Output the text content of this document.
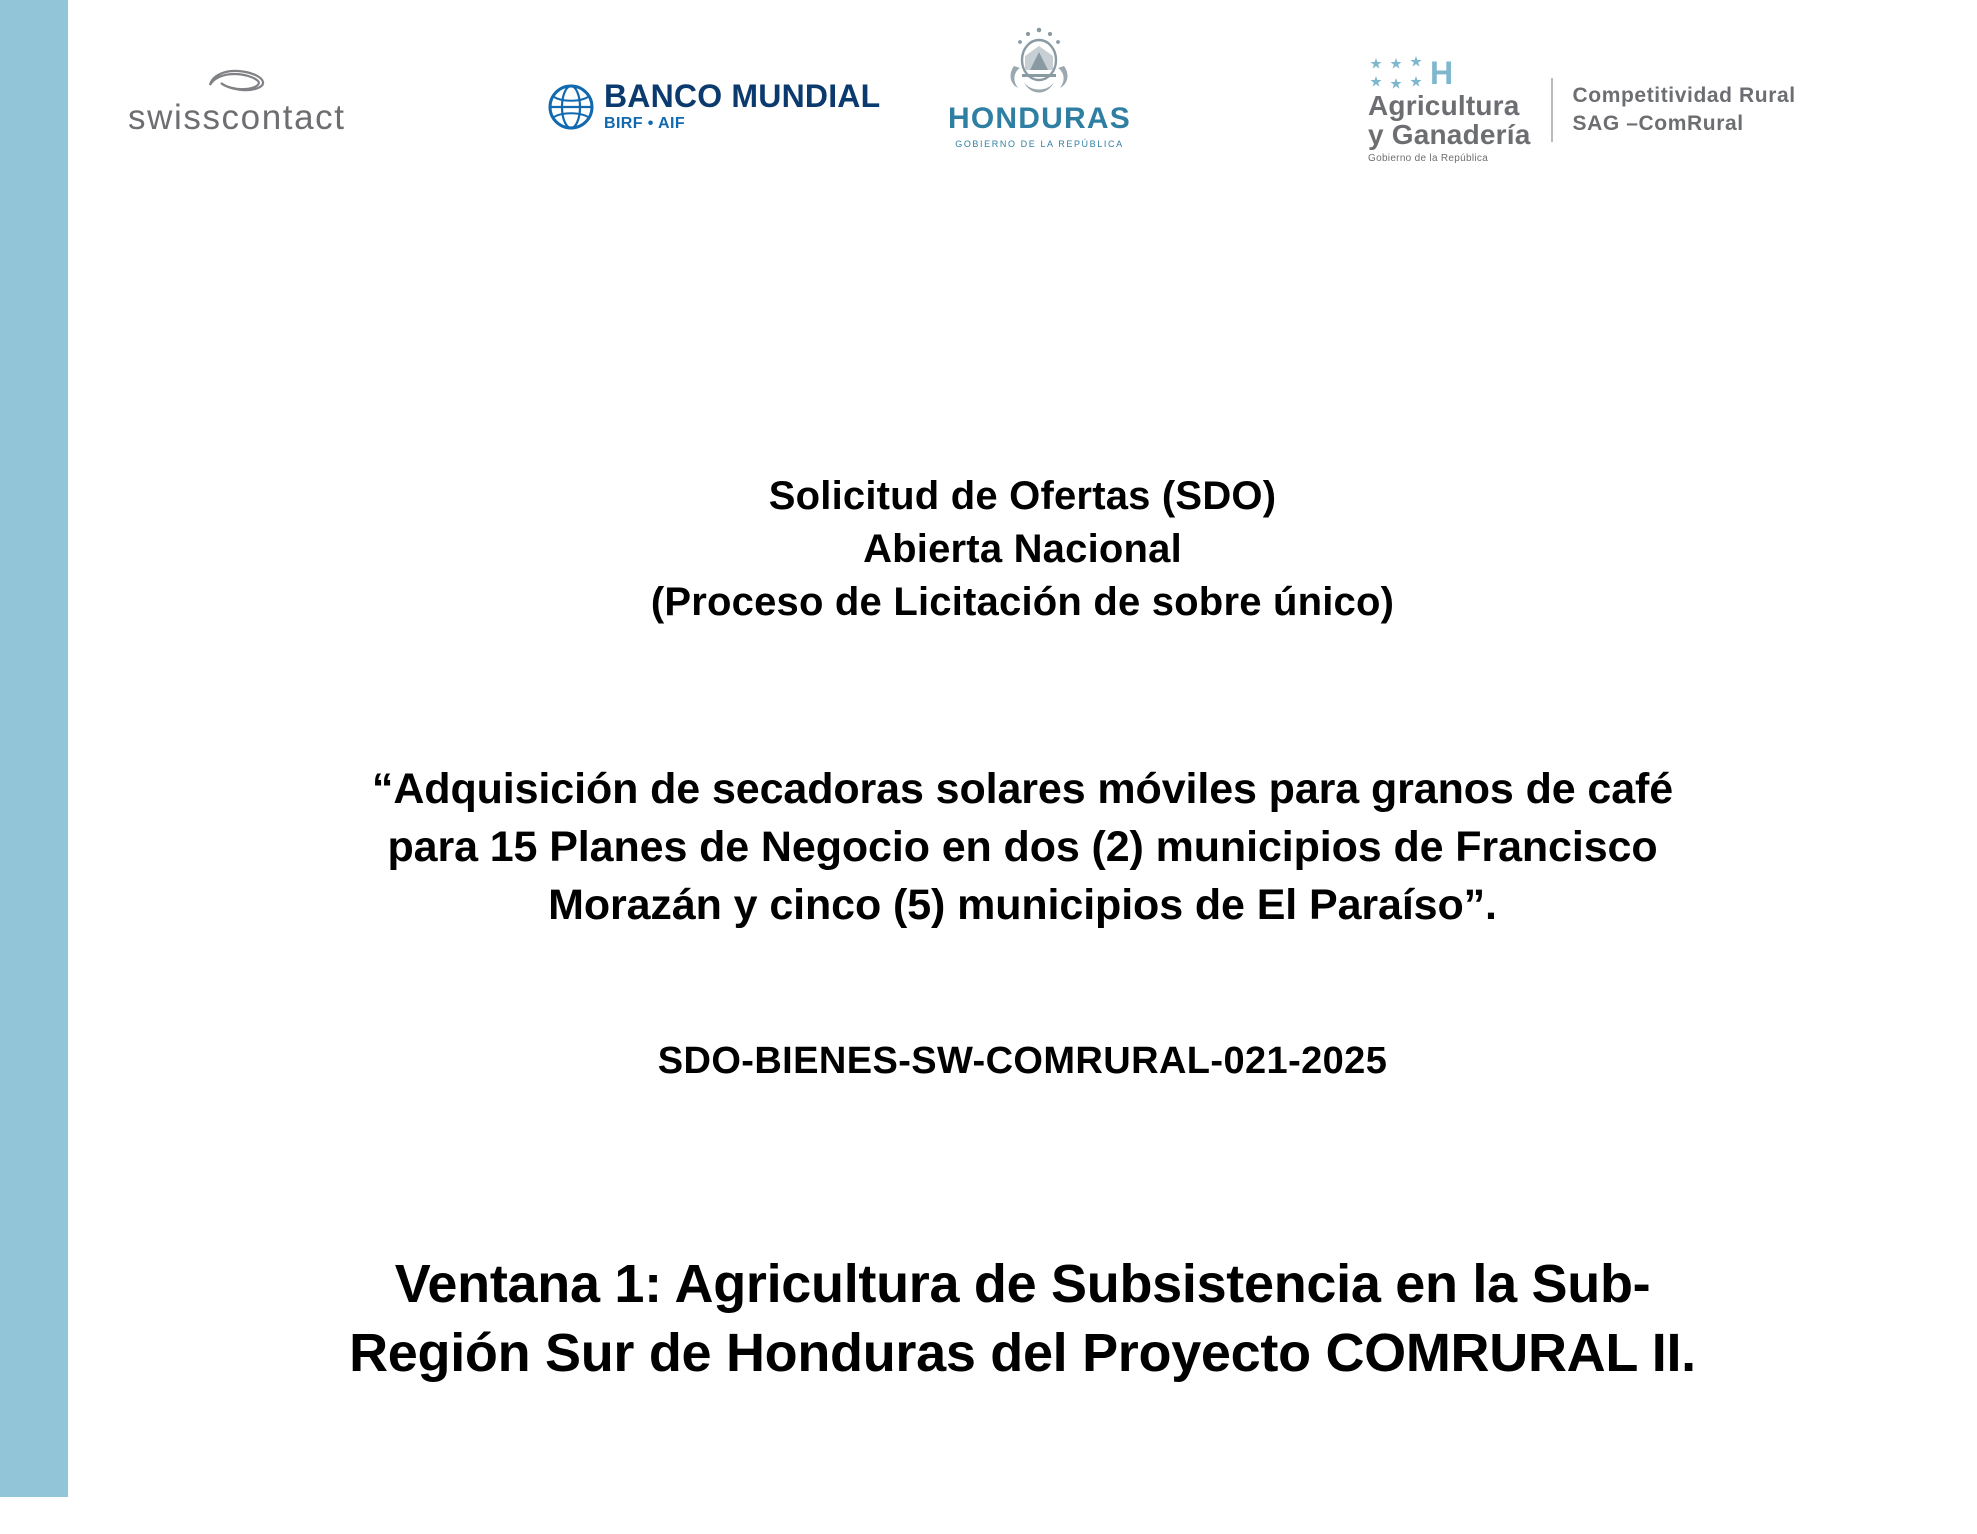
swisscontact
BANCO MUNDIAL
BIRF • AIF	HONDURAS
GOBIERNO DE LA REPÚBLICA
H
Agricultura
y Ganadería
Gobierno de la República
Competitividad Rural
SAG –ComRural
Solicitud de Ofertas (SDO)
Abierta Nacional
(Proceso de Licitación de sobre único)
“Adquisición de secadoras solares móviles para granos de café
para 15 Planes de Negocio en dos (2) municipios de Francisco
Morazán y cinco (5) municipios de El Paraíso”.
SDO-BIENES-SW-COMRURAL-021-2025
Ventana 1: Agricultura de Subsistencia en la Sub-
Región Sur de Honduras del Proyecto COMRURAL II.
